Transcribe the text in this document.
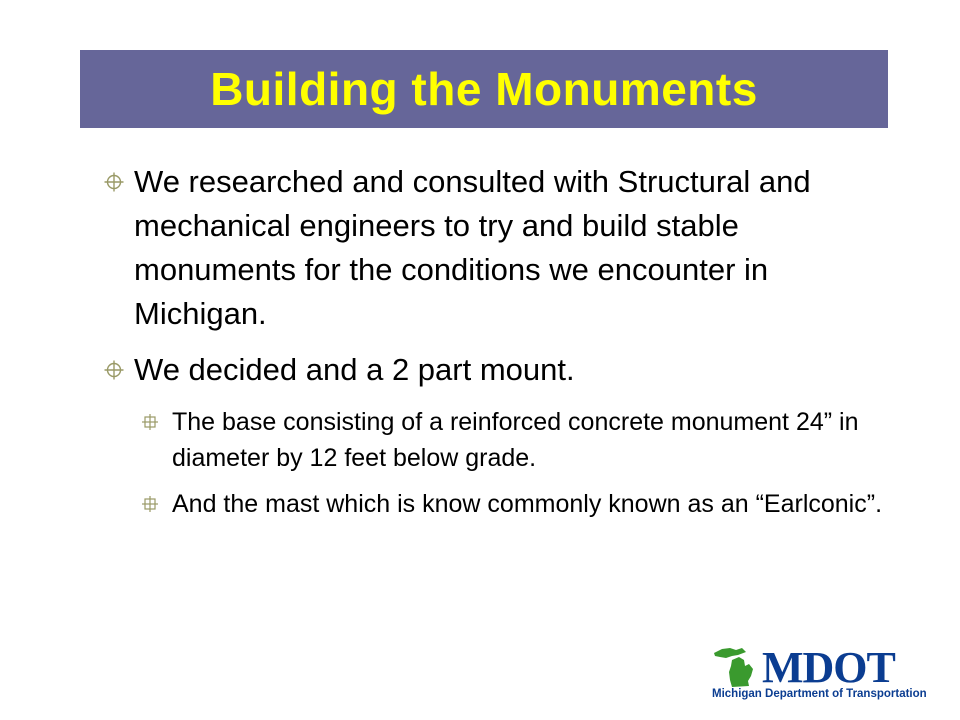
Building the Monuments
We researched and consulted with Structural and mechanical engineers to try and build stable monuments for the conditions we encounter in Michigan.
We decided and a 2 part mount.
The base consisting of a reinforced concrete monument 24” in diameter by 12 feet below grade.
And the mast which is know commonly known as an “Earlconic”.
MDOT
Michigan Department of Transportation
